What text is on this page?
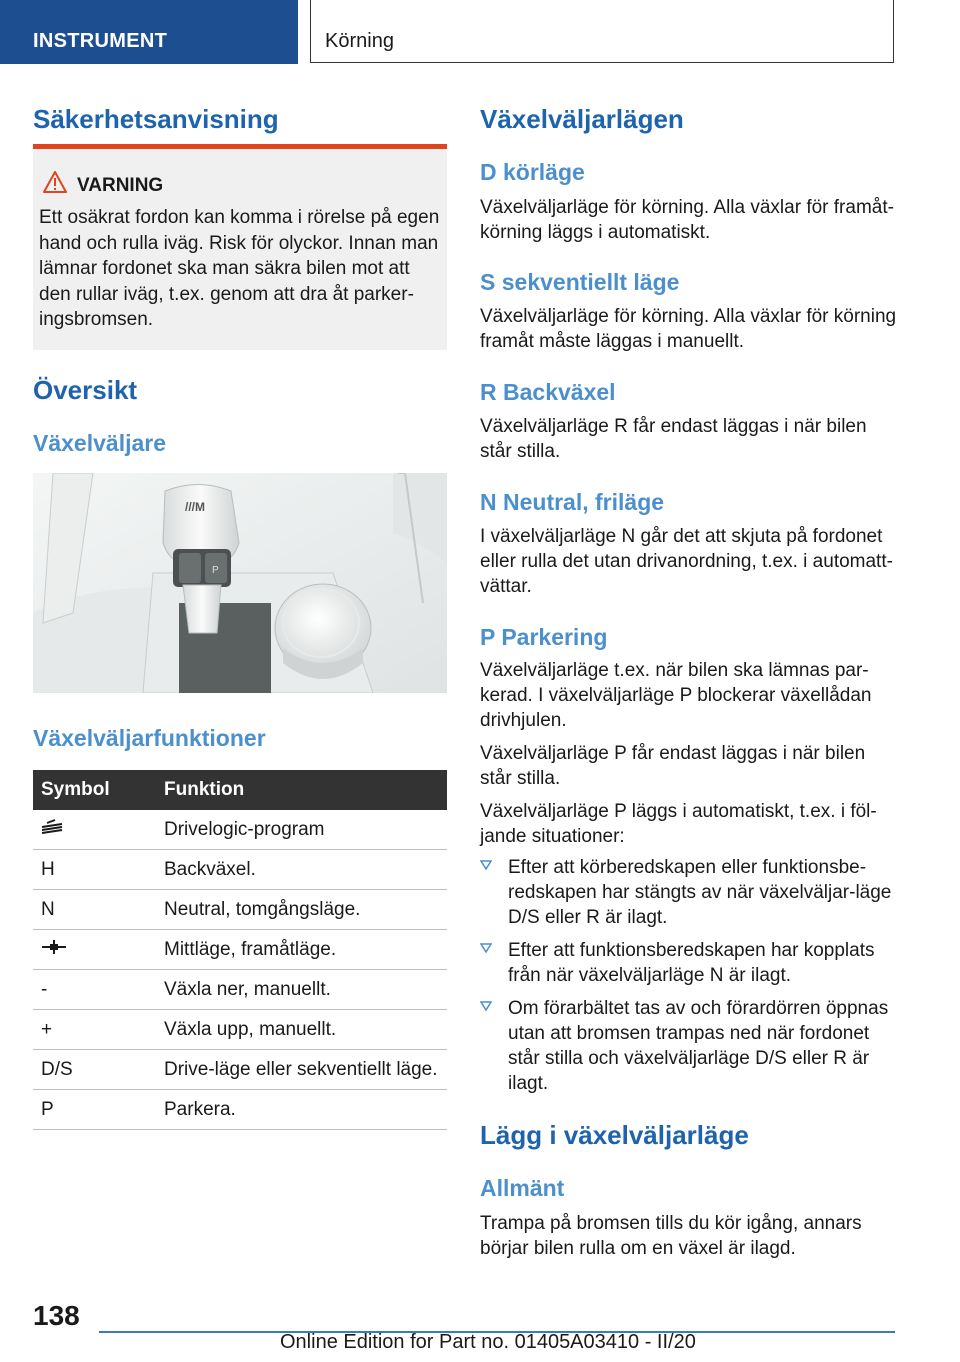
INSTRUMENT	Körning
Säkerhetsanvisning
VARNING
Ett osäkrat fordon kan komma i rörelse på egen hand och rulla iväg. Risk för olyckor. Innan man lämnar fordonet ska man säkra bilen mot att den rullar iväg, t.ex. genom att dra åt parker-ingsbromsen.
Översikt
Växelväljare
///M
P
Växelväljarfunktioner
Symbol	Funktion
	Drivelogic-program
H	Backväxel.
N	Neutral, tomgångsläge.
	Mittläge, framåtläge.
-	Växla ner, manuellt.
+	Växla upp, manuellt.
D/S	Drive-läge eller sekventiellt läge.
P	Parkera.
Växelväljarlägen
D körläge
Växelväljarläge för körning. Alla växlar för framåt-körning läggs i automatiskt.
S sekventiellt läge
Växelväljarläge för körning. Alla växlar för körning framåt måste läggas i manuellt.
R Backväxel
Växelväljarläge R får endast läggas i när bilen står stilla.
N Neutral, friläge
I växelväljarläge N går det att skjuta på fordonet eller rulla det utan drivanordning, t.ex. i automatt-vättar.
P Parkering
Växelväljarläge t.ex. när bilen ska lämnas par-kerad. I växelväljarläge P blockerar växellådan drivhjulen.
Växelväljarläge P får endast läggas i när bilen står stilla.
Växelväljarläge P läggs i automatiskt, t.ex. i föl-jande situationer:
Efter att körberedskapen eller funktionsbe-redskapen har stängts av när växelväljar-läge D/S eller R är ilagt.
Efter att funktionsberedskapen har kopplats från när växelväljarläge N är ilagt.
Om förarbältet tas av och förardörren öppnas utan att bromsen trampas ned när fordonet står stilla och växelväljarläge D/S eller R är ilagt.
Lägg i växelväljarläge
Allmänt
Trampa på bromsen tills du kör igång, annars börjar bilen rulla om en växel är ilagd.
138
Online Edition for Part no. 01405A03410 - II/20
